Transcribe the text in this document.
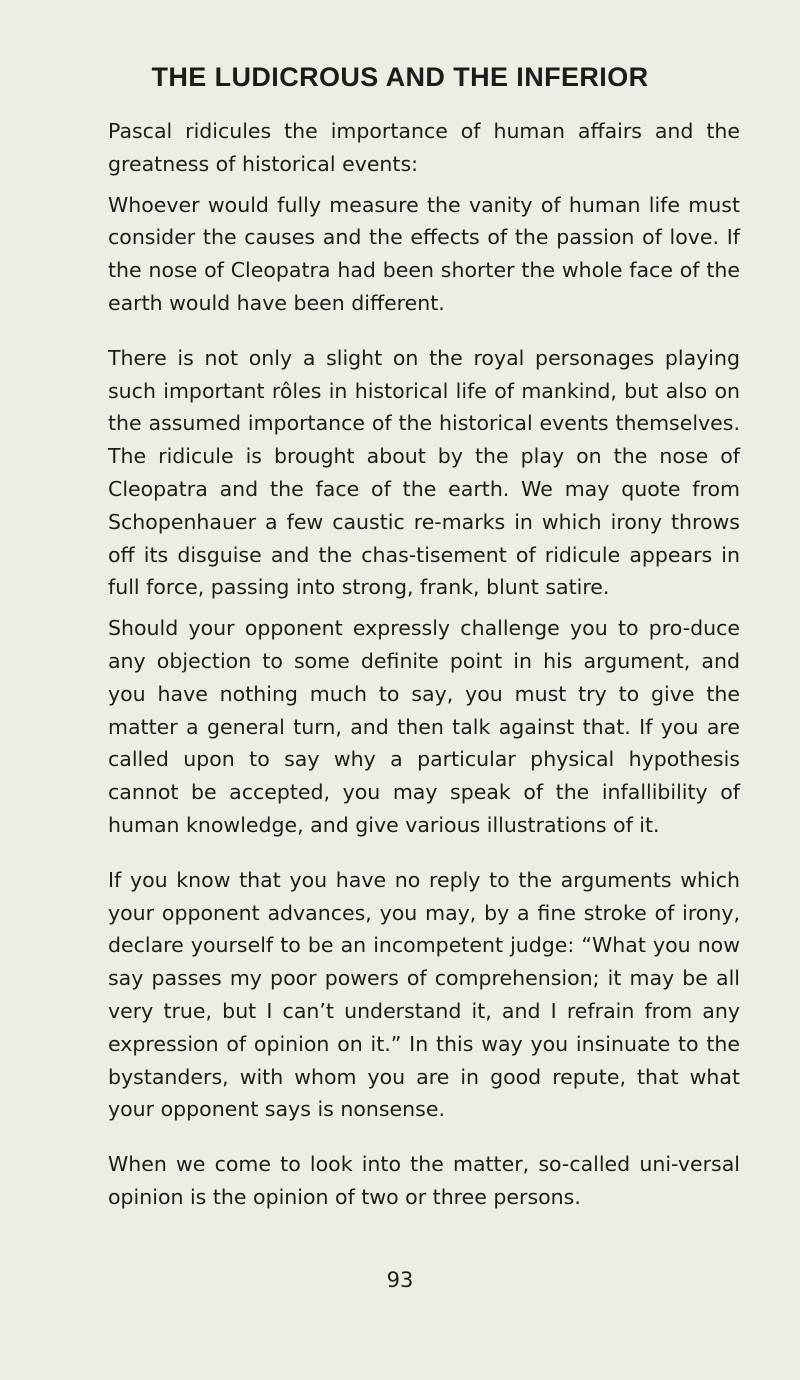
THE LUDICROUS AND THE INFERIOR

Pascal ridicules the importance of human affairs and the greatness of historical events:

Whoever would fully measure the vanity of human life must consider the causes and the effects of the passion of love. If the nose of Cleopatra had been shorter the whole face of the earth would have been different.

There is not only a slight on the royal personages playing such important rôles in historical life of mankind, but also on the assumed importance of the historical events themselves. The ridicule is brought about by the play on the nose of Cleopatra and the face of the earth. We may quote from Schopenhauer a few caustic re-marks in which irony throws off its disguise and the chas-tisement of ridicule appears in full force, passing into strong, frank, blunt satire.

Should your opponent expressly challenge you to pro-duce any objection to some definite point in his argument, and you have nothing much to say, you must try to give the matter a general turn, and then talk against that. If you are called upon to say why a particular physical hypothesis cannot be accepted, you may speak of the infallibility of human knowledge, and give various illustrations of it.

If you know that you have no reply to the arguments which your opponent advances, you may, by a fine stroke of irony, declare yourself to be an incompetent judge: “What you now say passes my poor powers of comprehension; it may be all very true, but I can’t understand it, and I refrain from any expression of opinion on it.” In this way you insinuate to the bystanders, with whom you are in good repute, that what your opponent says is nonsense.

When we come to look into the matter, so-called uni-versal opinion is the opinion of two or three persons.

93
